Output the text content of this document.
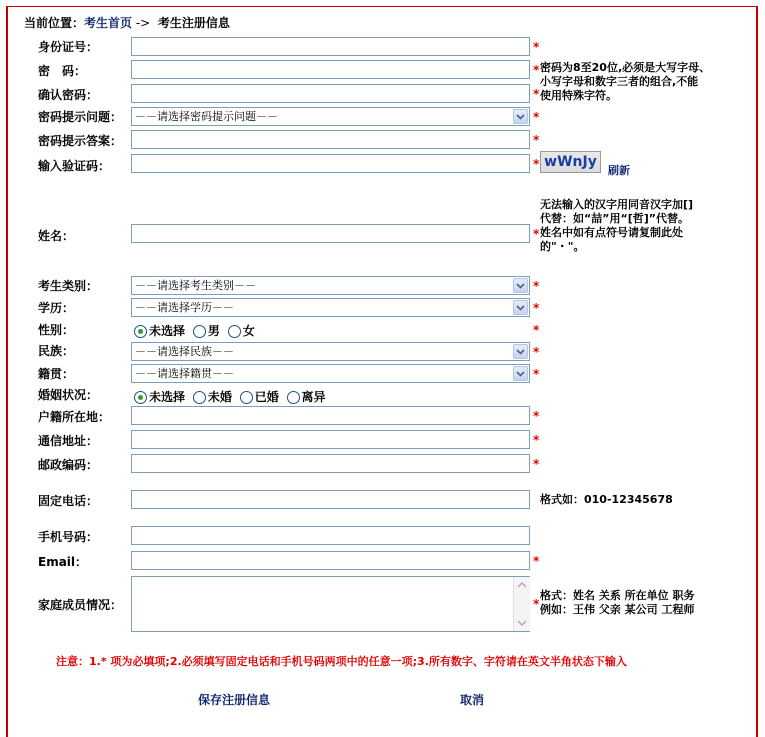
当前位置：考生首页 ->  考生注册信息
身份证号：	*
密　码：	* 密码为8至20位,必须是大写字母、
小写字母和数字三者的组合,不能
使用特殊字符。
确认密码：	*
密码提示问题：	－－请选择密码提示问题－－	*
密码提示答案：	*
输入验证码：	* wWnJy
刷新
无法输入的汉字用同音汉字加[]
代替：如“喆”用“[哲]”代替。
姓名中如有点符号请复制此处
的"・"。
姓名：	*
考生类别：	－－请选择考生类别－－	*
学历：	－－请选择学历－－	*
性别：	未选择 男 女	*
民族：	－－请选择民族－－	*
籍贯：	－－请选择籍贯－－	*
婚姻状况：	未选择 未婚 已婚 离异
户籍所在地：	*
通信地址：	*
邮政编码：	*
固定电话：	格式如：010-12345678
手机号码：
Email：	*
家庭成员情况：	*
格式：姓名 关系 所在单位 职务
例如：王伟 父亲 某公司 工程师
注意：1.* 项为必填项;2.必须填写固定电话和手机号码两项中的任意一项;3.所有数字、字符请在英文半角状态下输入
保存注册信息	取消
